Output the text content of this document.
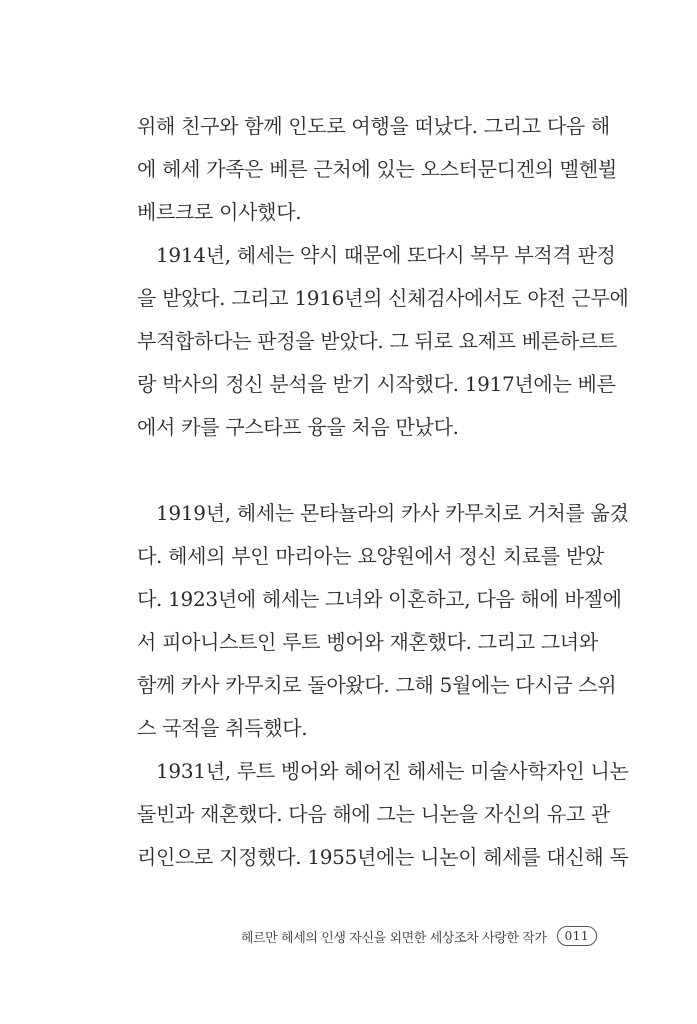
위해 친구와 함께 인도로 여행을 떠났다. 그리고 다음 해
에 헤세 가족은 베른 근처에 있는 오스터문디겐의 멜헨뷜
베르크로 이사했다.
1914년, 헤세는 약시 때문에 또다시 복무 부적격 판정
을 받았다. 그리고 1916년의 신체검사에서도 야전 근무에
부적합하다는 판정을 받았다. 그 뒤로 요제프 베른하르트
랑 박사의 정신 분석을 받기 시작했다. 1917년에는 베른
에서 카를 구스타프 융을 처음 만났다.
1919년, 헤세는 몬타뇰라의 카사 카무치로 거처를 옮겼
다. 헤세의 부인 마리아는 요양원에서 정신 치료를 받았
다. 1923년에 헤세는 그녀와 이혼하고, 다음 해에 바젤에
서 피아니스트인 루트 벵어와 재혼했다. 그리고 그녀와
함께 카사 카무치로 돌아왔다. 그해 5월에는 다시금 스위
스 국적을 취득했다.
1931년, 루트 벵어와 헤어진 헤세는 미술사학자인 니논
돌빈과 재혼했다. 다음 해에 그는 니논을 자신의 유고 관
리인으로 지정했다. 1955년에는 니논이 헤세를 대신해 독
헤르만 헤세의 인생 자신을 외면한 세상조차 사랑한 작가	011
